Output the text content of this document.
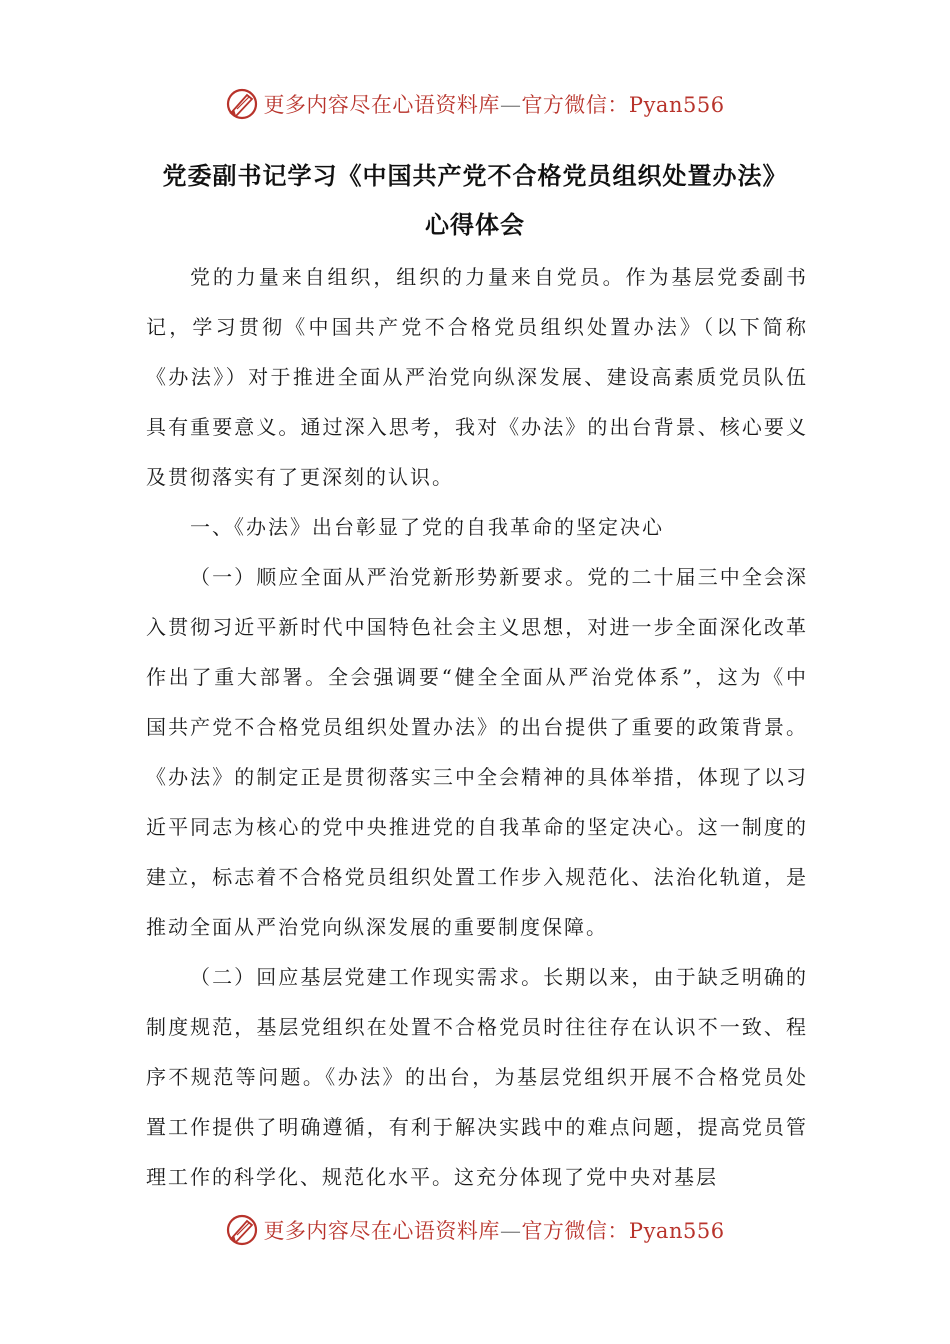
更多内容尽在心语资料库—官方微信：Pyan556
党委副书记学习《中国共产党不合格党员组织处置办法》
心得体会

党的力量来自组织，组织的力量来自党员。作为基层党委副书记，学习贯彻《中国共产党不合格党员组织处置办法》（以下简称《办法》）对于推进全面从严治党向纵深发展、建设高素质党员队伍具有重要意义。通过深入思考，我对《办法》的出台背景、核心要义及贯彻落实有了更深刻的认识。

一、《办法》出台彰显了党的自我革命的坚定决心

（一）顺应全面从严治党新形势新要求。党的二十届三中全会深入贯彻习近平新时代中国特色社会主义思想，对进一步全面深化改革作出了重大部署。全会强调要“健全全面从严治党体系”，这为《中国共产党不合格党员组织处置办法》的出台提供了重要的政策背景。《办法》的制定正是贯彻落实三中全会精神的具体举措，体现了以习近平同志为核心的党中央推进党的自我革命的坚定决心。这一制度的建立，标志着不合格党员组织处置工作步入规范化、法治化轨道，是推动全面从严治党向纵深发展的重要制度保障。

（二）回应基层党建工作现实需求。长期以来，由于缺乏明确的制度规范，基层党组织在处置不合格党员时往往存在认识不一致、程序不规范等问题。《办法》的出台，为基层党组织开展不合格党员处置工作提供了明确遵循，有利于解决实践中的难点问题，提高党员管理工作的科学化、规范化水平。这充分体现了党中央对基层

更多内容尽在心语资料库—官方微信：Pyan556
